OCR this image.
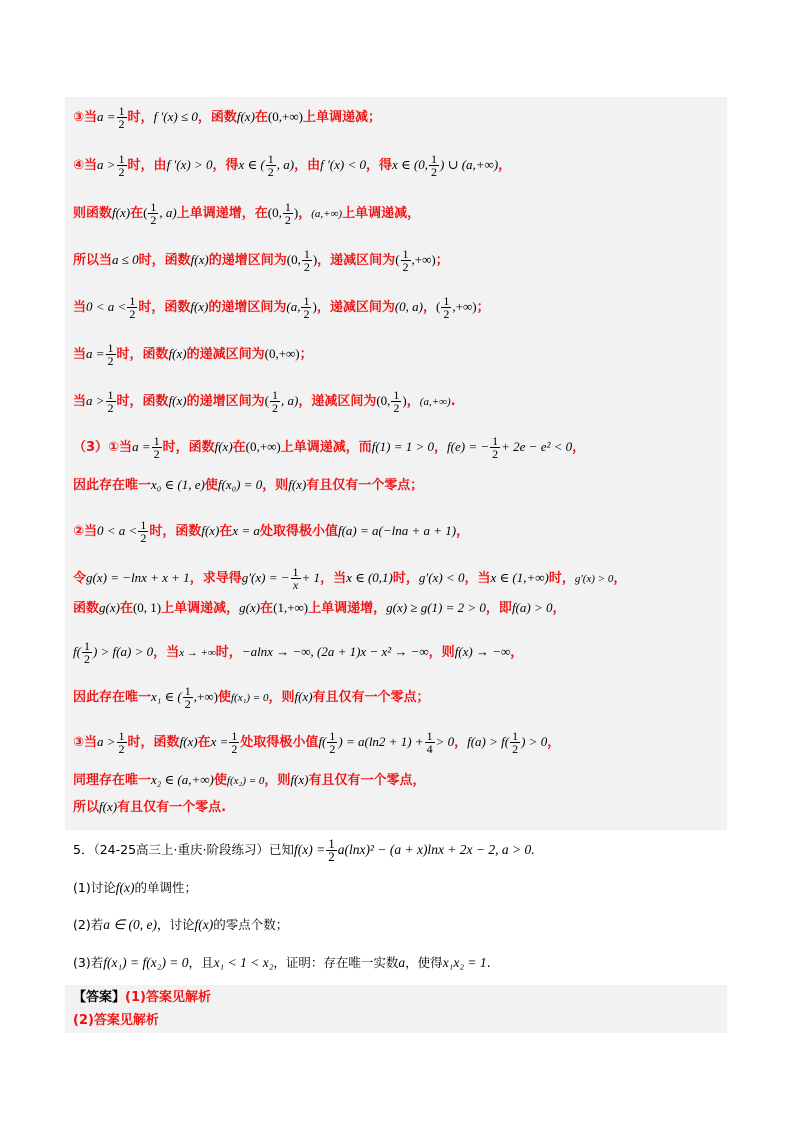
③当$a = \frac{1}{2}$ 时，f ′(x) ≤ 0，函数f(x)在(0,+∞)上单调递减；
④当$a > \frac{1}{2}$ 时，由f ′(x) > 0，得x ∈ ( $\frac{1}{2}$ , a)，由f ′(x) < 0，得x ∈ (0, $\frac{1}{2}$ ) ∪ (a,+∞)，
则函数f(x)在( $\frac{1}{2}$ , a)上单调递增，在(0, $\frac{1}{2}$ )，(a,+∞)上单调递减，
所以当a ≤ 0时，函数f(x)的递增区间为(0, $\frac{1}{2}$ )，递减区间为( $\frac{1}{2}$ ,+∞)；
当$0 < a < \frac{1}{2}$ 时，函数f(x)的递增区间为(a, $\frac{1}{2}$ )，递减区间为(0, a)，( $\frac{1}{2}$ ,+∞)；
当$a = \frac{1}{2}$ 时，函数f(x)的递减区间为(0,+∞)；
当$a > \frac{1}{2}$ 时，函数f(x)的递增区间为( $\frac{1}{2}$ , a)，递减区间为(0, $\frac{1}{2}$ )，(a,+∞).
（3）①当$a = \frac{1}{2}$ 时，函数f(x)在(0,+∞)上单调递减，而f(1) = 1 > 0，f(e) = − $\frac{1}{2} + 2e - e^2 < 0$，
因此存在唯一x₀ ∈ (1, e)使f(x₀) = 0，则f(x)有且仅有一个零点；
②当$0 < a < \frac{1}{2}$ 时，函数f(x)在x = a处取得极小值f(a) = a(−lna + a + 1)，
令g(x) = −lnx + x + 1，求导得g′(x) = − $\frac{1}{x} + 1$，当x ∈ (0,1)时，g′(x) < 0，当x ∈ (1,+∞)时，g′(x) > 0，
函数g(x)在(0, 1)上单调递减，g(x)在(1,+∞)上单调递增，g(x) ≥ g(1) = 2 > 0，即f(a) > 0，
$f( \frac{1}{2}$ ) > f(a) > 0，当x → +∞时，−alnx → −∞, (2a + 1)x − x² → −∞，则f(x) → −∞，
因此存在唯一x₁ ∈ ( $\frac{1}{2}$ ,+∞)使f(x₁) = 0，则f(x)有且仅有一个零点；
③当$a > \frac{1}{2}$ 时，函数f(x)在$x = \frac{1}{2}$ 处取得极小值$f( \frac{1}{2}$ ) = $a(\ln 2 + 1) + \frac{1}{4} > 0$，$f(a) > f( \frac{1}{2}$ ) > 0，
同理存在唯一x₂ ∈ (a,+∞)使f(x₂) = 0，则f(x)有且仅有一个零点，
所以f(x)有且仅有一个零点.
5．（24-25高三上·重庆·阶段练习）已知$f(x) = \frac{1}{2} a(\ln x)^2 - (a + x)\ln x + 2x - 2$, a > 0.
(1)讨论f(x)的单调性；
(2)若a ∈ (0, e)，讨论f(x)的零点个数；
(3)若f(x₁) = f(x₂) = 0，且x₁ < 1 < x₂，证明：存在唯一实数a，使得x₁x₂ = 1.
【答案】(1)答案见解析
(2)答案见解析
